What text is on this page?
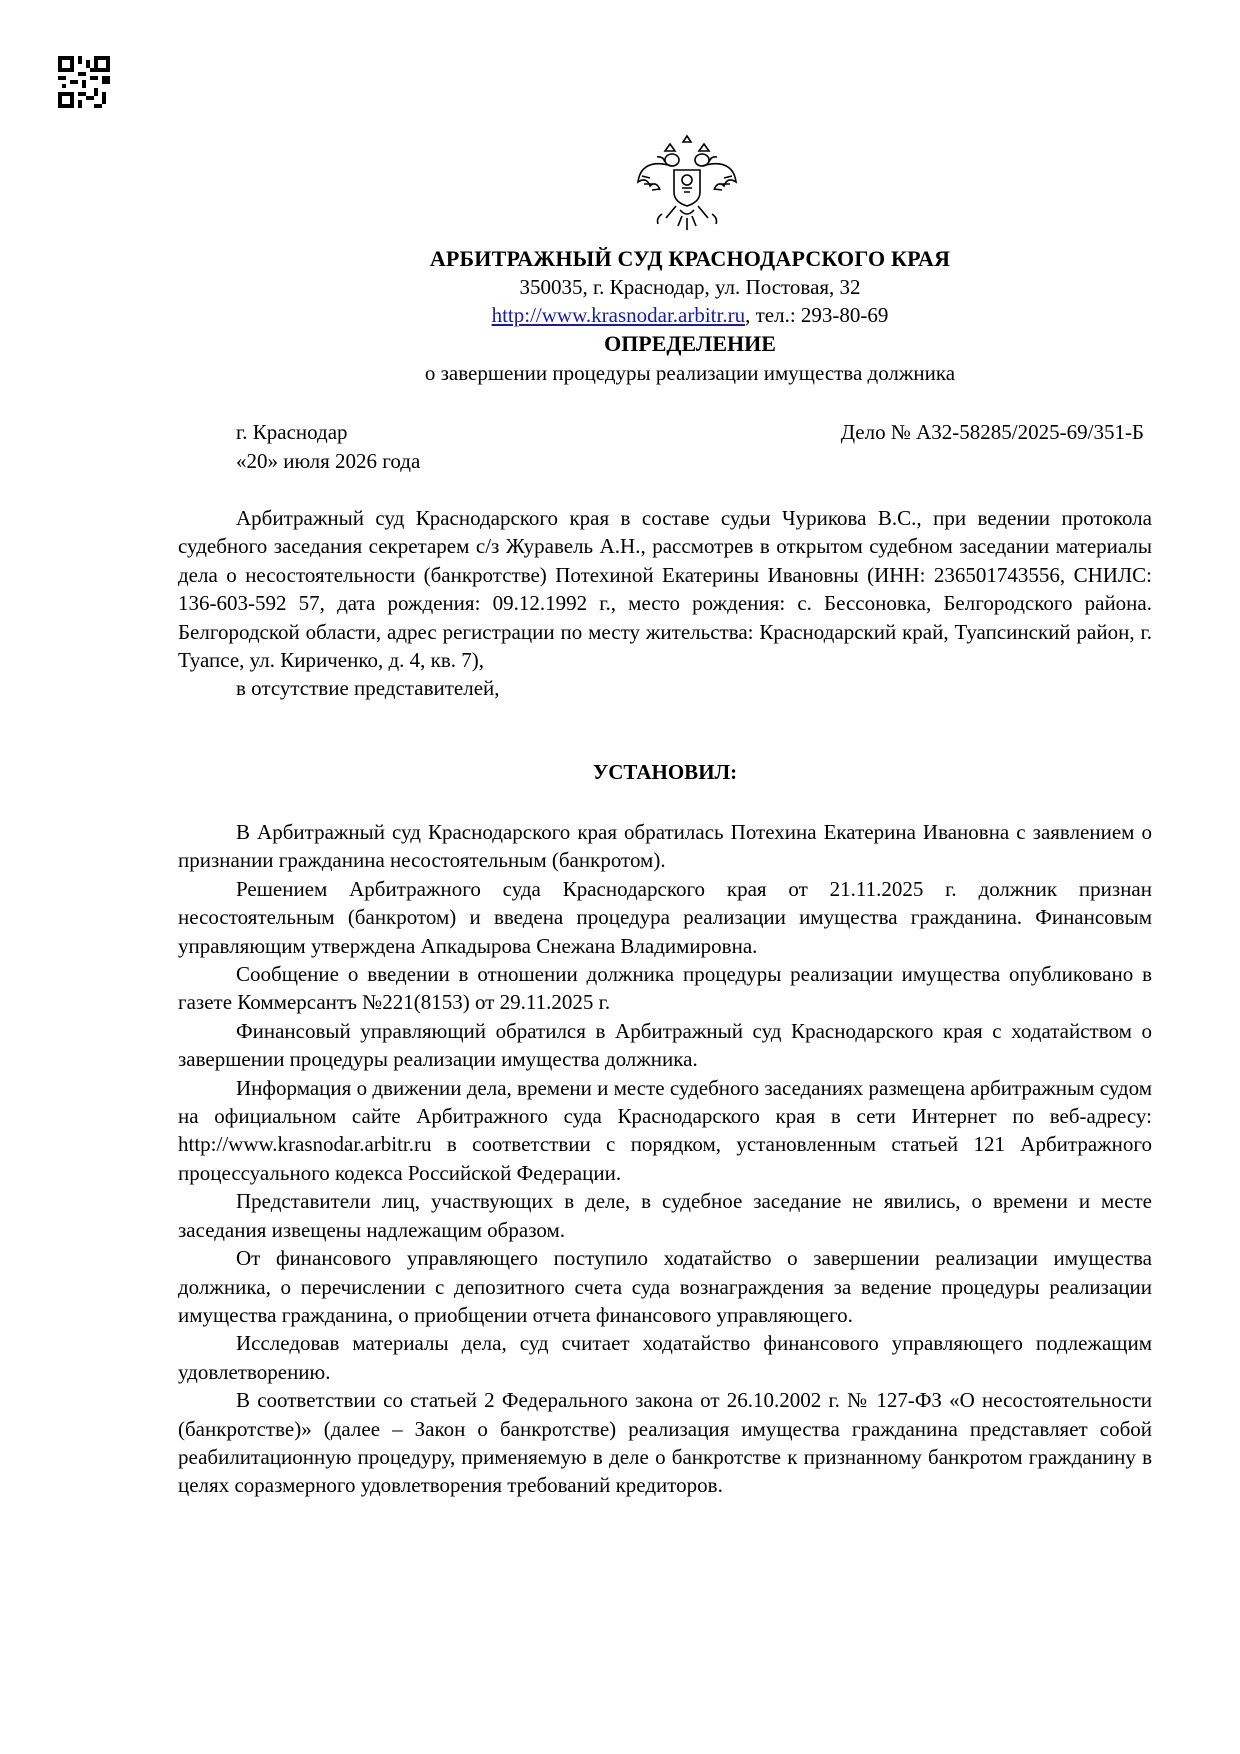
АРБИТРАЖНЫЙ СУД КРАСНОДАРСКОГО КРАЯ
350035, г. Краснодар, ул. Постовая, 32
http://www.krasnodar.arbitr.ru, тел.: 293-80-69
ОПРЕДЕЛЕНИЕ
о завершении процедуры реализации имущества должника
г. Краснодар
«20» июля 2026 года
Дело № А32-58285/2025-69/351-Б

Арбитражный суд Краснодарского края в составе судьи Чурикова В.С., при ведении протокола судебного заседания секретарем с/з Журавель А.Н., рассмотрев в открытом судебном заседании материалы дела о несостоятельности (банкротстве) Потехиной Екатерины Ивановны (ИНН: 236501743556, СНИЛС: 136-603-592 57, дата рождения: 09.12.1992 г., место рождения: с. Бессоновка, Белгородского района. Белгородской области, адрес регистрации по месту жительства: Краснодарский край, Туапсинский район, г. Туапсе, ул. Кириченко, д. 4, кв. 7),

в отсутствие представителей,

УСТАНОВИЛ:

В Арбитражный суд Краснодарского края обратилась Потехина Екатерина Ивановна с заявлением о признании гражданина несостоятельным (банкротом).

Решением Арбитражного суда Краснодарского края от 21.11.2025 г. должник признан несостоятельным (банкротом) и введена процедура реализации имущества гражданина. Финансовым управляющим утверждена Апкадырова Снежана Владимировна.

Сообщение о введении в отношении должника процедуры реализации имущества опубликовано в газете Коммерсантъ №221(8153) от 29.11.2025 г.

Финансовый управляющий обратился в Арбитражный суд Краснодарского края с ходатайством о завершении процедуры реализации имущества должника.

Информация о движении дела, времени и месте судебного заседаниях размещена арбитражным судом на официальном сайте Арбитражного суда Краснодарского края в сети Интернет по веб-адресу: http://www.krasnodar.arbitr.ru в соответствии с порядком, установленным статьей 121 Арбитражного процессуального кодекса Российской Федерации.

Представители лиц, участвующих в деле, в судебное заседание не явились, о времени и месте заседания извещены надлежащим образом.

От финансового управляющего поступило ходатайство о завершении реализации имущества должника, о перечислении с депозитного счета суда вознаграждения за ведение процедуры реализации имущества гражданина, о приобщении отчета финансового управляющего.

Исследовав материалы дела, суд считает ходатайство финансового управляющего подлежащим удовлетворению.

В соответствии со статьей 2 Федерального закона от 26.10.2002 г. № 127-ФЗ «О несостоятельности (банкротстве)» (далее – Закон о банкротстве) реализация имущества гражданина представляет собой реабилитационную процедуру, применяемую в деле о банкротстве к признанному банкротом гражданину в целях соразмерного удовлетворения требований кредиторов.
